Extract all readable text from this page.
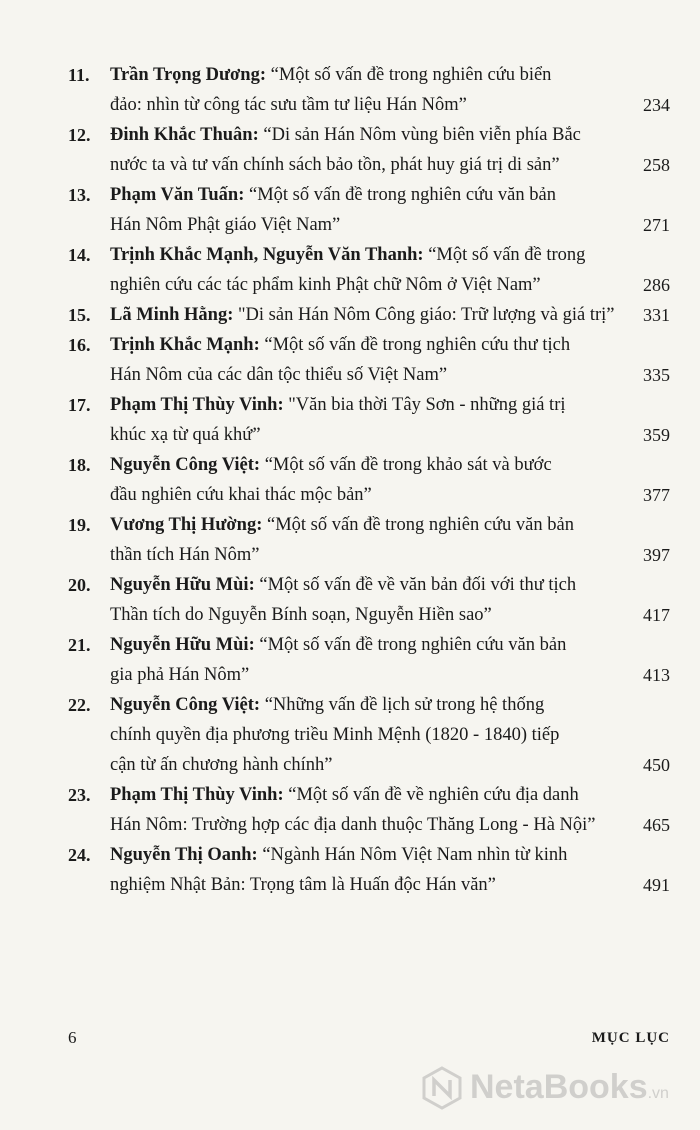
11. Trần Trọng Dương: “Một số vấn đề trong nghiên cứu biển
đảo: nhìn từ công tác sưu tầm tư liệu Hán Nôm”	234
12. Đinh Khắc Thuân: “Di sản Hán Nôm vùng biên viễn phía Bắc
nước ta và tư vấn chính sách bảo tồn, phát huy giá trị di sản”	258
13. Phạm Văn Tuấn: “Một số vấn đề trong nghiên cứu văn bản
Hán Nôm Phật giáo Việt Nam”	271
14. Trịnh Khắc Mạnh, Nguyễn Văn Thanh: “Một số vấn đề trong
nghiên cứu các tác phẩm kinh Phật chữ Nôm ở Việt Nam”	286
15. Lã Minh Hằng: "Di sản Hán Nôm Công giáo: Trữ lượng và giá trị”	331
16. Trịnh Khắc Mạnh: “Một số vấn đề trong nghiên cứu thư tịch
Hán Nôm của các dân tộc thiểu số Việt Nam”	335
17. Phạm Thị Thùy Vinh: "Văn bia thời Tây Sơn - những giá trị
khúc xạ từ quá khứ”	359
18. Nguyễn Công Việt: “Một số vấn đề trong khảo sát và bước
đầu nghiên cứu khai thác mộc bản”	377
19. Vương Thị Hường: “Một số vấn đề trong nghiên cứu văn bản
thần tích Hán Nôm”	397
20. Nguyễn Hữu Mùi: “Một số vấn đề về văn bản đối với thư tịch
Thần tích do Nguyễn Bính soạn, Nguyễn Hiền sao”	417
21. Nguyễn Hữu Mùi: “Một số vấn đề trong nghiên cứu văn bản
gia phả Hán Nôm”	413
22. Nguyễn Công Việt: “Những vấn đề lịch sử trong hệ thống
chính quyền địa phương triều Minh Mệnh (1820 - 1840) tiếp
cận từ ấn chương hành chính”	450
23. Phạm Thị Thùy Vinh: “Một số vấn đề về nghiên cứu địa danh
Hán Nôm: Trường hợp các địa danh thuộc Thăng Long - Hà Nội”	465
24. Nguyễn Thị Oanh: “Ngành Hán Nôm Việt Nam nhìn từ kinh
nghiệm Nhật Bản: Trọng tâm là Huấn độc Hán văn”	491
6	MỤC LỤC
NetaBooks.vn
